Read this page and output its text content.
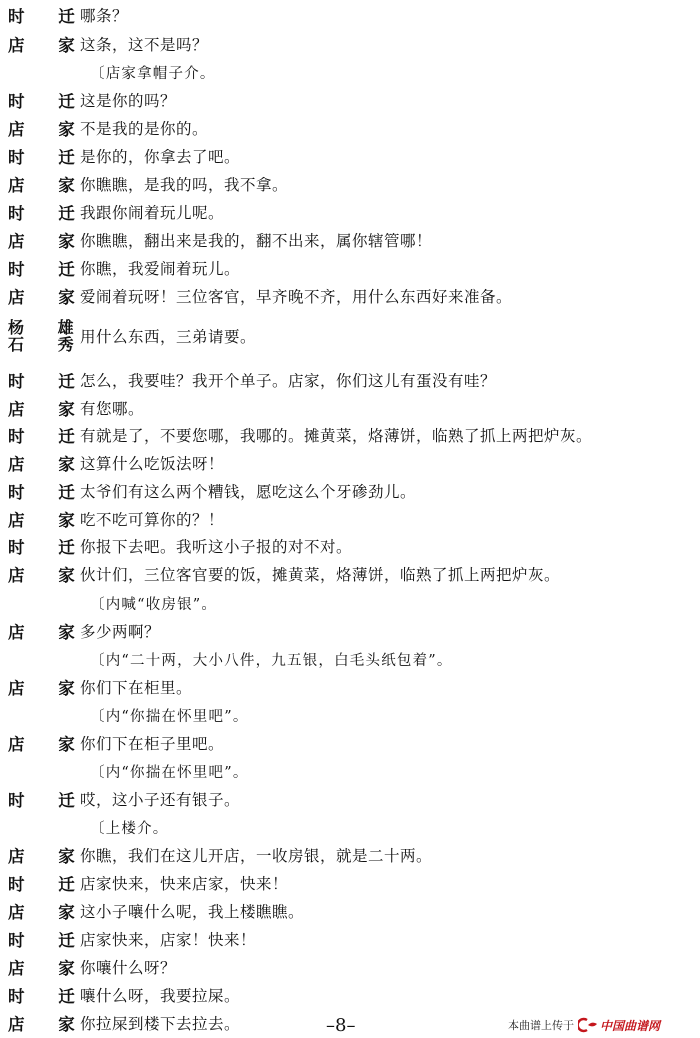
时 迁
哪条？
店 家
这条，这不是吗？
〔店家拿帽子介。
时 迁
这是你的吗？
店 家
不是我的是你的。
时 迁
是你的，你拿去了吧。
店 家
你瞧瞧，是我的吗，我不拿。
时 迁
我跟你闹着玩儿呢。
店 家
你瞧瞧，翻出来是我的，翻不出来，属你辖管哪！
时 迁
你瞧，我爱闹着玩儿。
店 家
爱闹着玩呀！三位客官，早齐晚不齐，用什么东西好来准备。
杨 雄
石 秀
用什么东西，三弟请要。
时 迁
怎么，我要哇？我开个单子。店家，你们这儿有蛋没有哇？
店 家
有您哪。
时 迁
有就是了，不要您哪，我哪的。摊黄菜，烙薄饼，临熟了抓上两把炉灰。
店 家
这算什么吃饭法呀！
时 迁
太爷们有这么两个糟钱，愿吃这么个牙碜劲儿。
店 家
吃不吃可算你的？！
时 迁
你报下去吧。我听这小子报的对不对。
店 家
伙计们，三位客官要的饭，摊黄菜，烙薄饼，临熟了抓上两把炉灰。
〔内喊“收房银”。
店 家
多少两啊？
〔内“二十两，大小八件，九五银，白毛头纸包着”。
店 家
你们下在柜里。
〔内“你揣在怀里吧”。
店 家
你们下在柜子里吧。
〔内“你揣在怀里吧”。
时 迁
哎，这小子还有银子。
〔上楼介。
店 家
你瞧，我们在这儿开店，一收房银，就是二十两。
时 迁
店家快来，快来店家，快来！
店 家
这小子嚷什么呢，我上楼瞧瞧。
时 迁
店家快来，店家！快来！
店 家
你嚷什么呀？
时 迁
嚷什么呀，我要拉屎。
店 家
你拉屎到楼下去拉去。	–8–	本曲谱上传于 中国曲谱网
